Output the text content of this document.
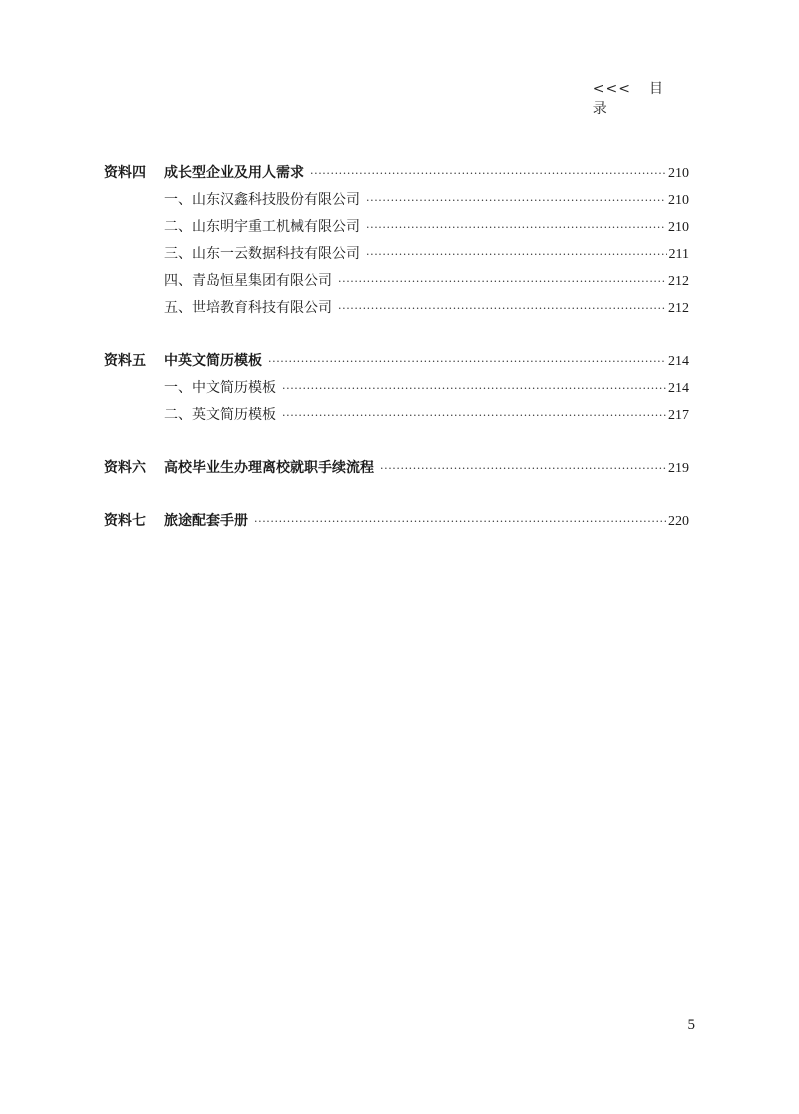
<<< 目录
资料四 成长型企业及用人需求 ·····	210
一、山东汉鑫科技股份有限公司 ·····	210
二、山东明宇重工机械有限公司 ·····	210
三、山东一云数据科技有限公司 ·····	211
四、青岛恒星集团有限公司 ·····	212
五、世培教育科技有限公司 ·····	212
资料五 中英文简历模板 ·····	214
一、中文简历模板 ·····	214
二、英文简历模板 ·····	217
资料六 高校毕业生办理离校就职手续流程 ·····	219
资料七 旅途配套手册 ·····	220
5
